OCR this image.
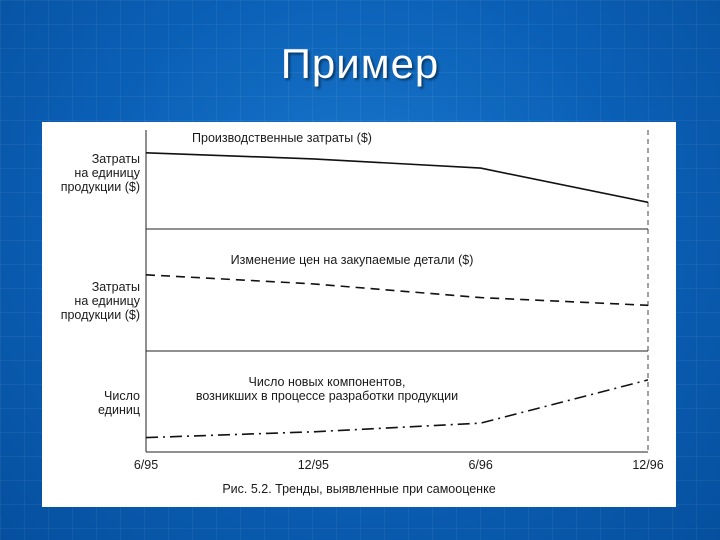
Пример
6/95	12/95	6/96	12/96
Производственные затраты ($)
Изменение цен на закупаемые детали ($)
Число новых компонентов,
возникших в процессе разработки продукции
Затраты
на единицу
продукции ($)
Затраты
на единицу
продукции ($)
Число
единиц
Рис. 5.2. Тренды, выявленные при самооценке
